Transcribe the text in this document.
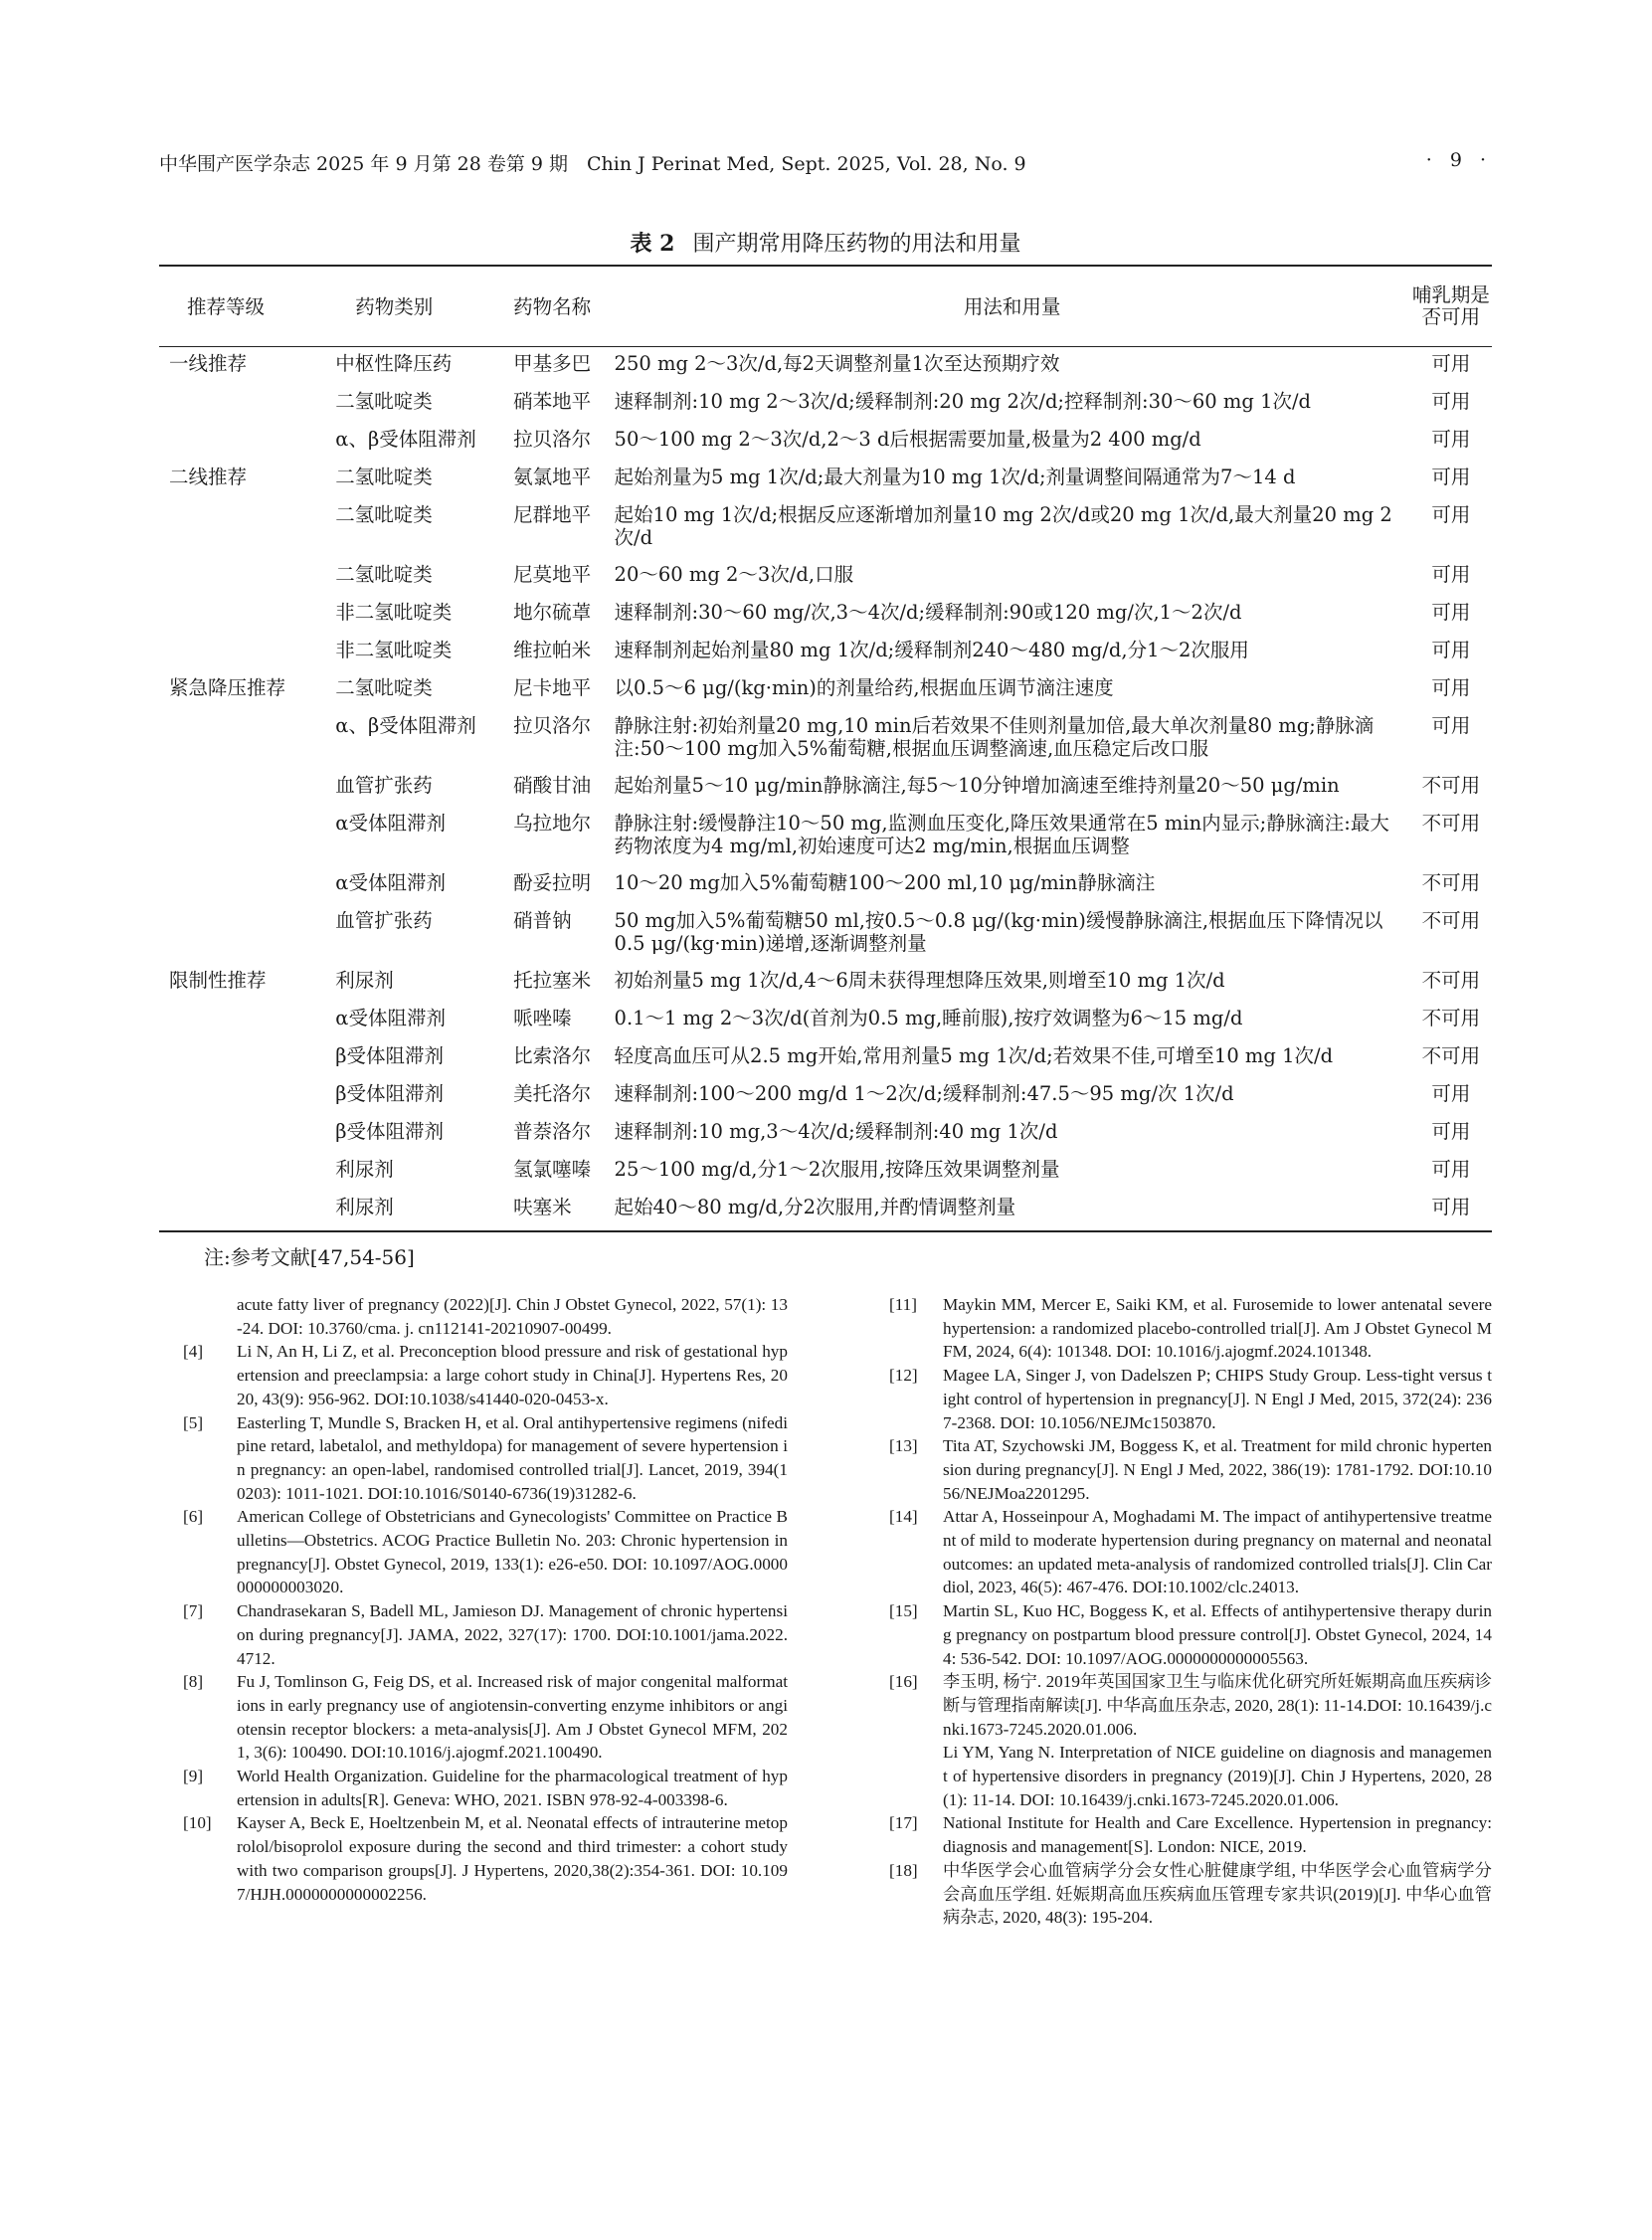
中华围产医学杂志 2025 年 9 月第 28 卷第 9 期　Chin J Perinat Med, Sept. 2025, Vol. 28, No. 9	· 9 ·
表 2 围产期常用降压药物的用法和用量
推荐等级	药物类别	药物名称	用法和用量	哺乳期是否可用
一线推荐	中枢性降压药	甲基多巴	250 mg 2～3次/d,每2天调整剂量1次至达预期疗效	可用
	二氢吡啶类	硝苯地平	速释制剂:10 mg 2～3次/d;缓释制剂:20 mg 2次/d;控释制剂:30～60 mg 1次/d	可用
	α、β受体阻滞剂	拉贝洛尔	50～100 mg 2～3次/d,2～3 d后根据需要加量,极量为2 400 mg/d	可用
二线推荐	二氢吡啶类	氨氯地平	起始剂量为5 mg 1次/d;最大剂量为10 mg 1次/d;剂量调整间隔通常为7～14 d	可用
	二氢吡啶类	尼群地平	起始10 mg 1次/d;根据反应逐渐增加剂量10 mg 2次/d或20 mg 1次/d,最大剂量20 mg 2次/d	可用
	二氢吡啶类	尼莫地平	20～60 mg 2～3次/d,口服	可用
	非二氢吡啶类	地尔硫䓬	速释制剂:30～60 mg/次,3～4次/d;缓释制剂:90或120 mg/次,1～2次/d	可用
	非二氢吡啶类	维拉帕米	速释制剂起始剂量80 mg 1次/d;缓释制剂240～480 mg/d,分1～2次服用	可用
紧急降压推荐	二氢吡啶类	尼卡地平	以0.5～6 μg/(kg·min)的剂量给药,根据血压调节滴注速度	可用
	α、β受体阻滞剂	拉贝洛尔	静脉注射:初始剂量20 mg,10 min后若效果不佳则剂量加倍,最大单次剂量80 mg;静脉滴注:50～100 mg加入5%葡萄糖,根据血压调整滴速,血压稳定后改口服	可用
	血管扩张药	硝酸甘油	起始剂量5～10 μg/min静脉滴注,每5～10分钟增加滴速至维持剂量20～50 μg/min	不可用
	α受体阻滞剂	乌拉地尔	静脉注射:缓慢静注10～50 mg,监测血压变化,降压效果通常在5 min内显示;静脉滴注:最大药物浓度为4 mg/ml,初始速度可达2 mg/min,根据血压调整	不可用
	α受体阻滞剂	酚妥拉明	10～20 mg加入5%葡萄糖100～200 ml,10 μg/min静脉滴注	不可用
	血管扩张药	硝普钠	50 mg加入5%葡萄糖50 ml,按0.5～0.8 μg/(kg·min)缓慢静脉滴注,根据血压下降情况以0.5 μg/(kg·min)递增,逐渐调整剂量	不可用
限制性推荐	利尿剂	托拉塞米	初始剂量5 mg 1次/d,4～6周未获得理想降压效果,则增至10 mg 1次/d	不可用
	α受体阻滞剂	哌唑嗪	0.1～1 mg 2～3次/d(首剂为0.5 mg,睡前服),按疗效调整为6～15 mg/d	不可用
	β受体阻滞剂	比索洛尔	轻度高血压可从2.5 mg开始,常用剂量5 mg 1次/d;若效果不佳,可增至10 mg 1次/d	不可用
	β受体阻滞剂	美托洛尔	速释制剂:100～200 mg/d 1～2次/d;缓释制剂:47.5～95 mg/次 1次/d	可用
	β受体阻滞剂	普萘洛尔	速释制剂:10 mg,3～4次/d;缓释制剂:40 mg 1次/d	可用
	利尿剂	氢氯噻嗪	25～100 mg/d,分1～2次服用,按降压效果调整剂量	可用
	利尿剂	呋塞米	起始40～80 mg/d,分2次服用,并酌情调整剂量	可用
注:参考文献[47,54-56]
acute fatty liver of pregnancy (2022)[J]. Chin J Obstet Gynecol, 2022, 57(1): 13-24. DOI: 10.3760/cma. j. cn112141-20210907-00499.
[4]	Li N, An H, Li Z, et al. Preconception blood pressure and risk of gestational hypertension and preeclampsia: a large cohort study in China[J]. Hypertens Res, 2020, 43(9): 956-962. DOI:10.1038/s41440-020-0453-x.
[5]	Easterling T, Mundle S, Bracken H, et al. Oral antihypertensive regimens (nifedipine retard, labetalol, and methyldopa) for management of severe hypertension in pregnancy: an open-label, randomised controlled trial[J]. Lancet, 2019, 394(10203): 1011-1021. DOI:10.1016/S0140-6736(19)31282-6.
[6]	American College of Obstetricians and Gynecologists' Committee on Practice Bulletins—Obstetrics. ACOG Practice Bulletin No. 203: Chronic hypertension in pregnancy[J]. Obstet Gynecol, 2019, 133(1): e26-e50. DOI: 10.1097/AOG.0000000000003020.
[7]	Chandrasekaran S, Badell ML, Jamieson DJ. Management of chronic hypertension during pregnancy[J]. JAMA, 2022, 327(17): 1700. DOI:10.1001/jama.2022.4712.
[8]	Fu J, Tomlinson G, Feig DS, et al. Increased risk of major congenital malformations in early pregnancy use of angiotensin-converting enzyme inhibitors or angiotensin receptor blockers: a meta-analysis[J]. Am J Obstet Gynecol MFM, 2021, 3(6): 100490. DOI:10.1016/j.ajogmf.2021.100490.
[9]	World Health Organization. Guideline for the pharmacological treatment of hypertension in adults[R]. Geneva: WHO, 2021. ISBN 978-92-4-003398-6.
[10]	Kayser A, Beck E, Hoeltzenbein M, et al. Neonatal effects of intrauterine metoprolol/bisoprolol exposure during the second and third trimester: a cohort study with two comparison groups[J]. J Hypertens, 2020,38(2):354-361. DOI: 10.1097/HJH.0000000000002256.
[11]	Maykin MM, Mercer E, Saiki KM, et al. Furosemide to lower antenatal severe hypertension: a randomized placebo-controlled trial[J]. Am J Obstet Gynecol MFM, 2024, 6(4): 101348. DOI: 10.1016/j.ajogmf.2024.101348.
[12]	Magee LA, Singer J, von Dadelszen P; CHIPS Study Group. Less-tight versus tight control of hypertension in pregnancy[J]. N Engl J Med, 2015, 372(24): 2367-2368. DOI: 10.1056/NEJMc1503870.
[13]	Tita AT, Szychowski JM, Boggess K, et al. Treatment for mild chronic hypertension during pregnancy[J]. N Engl J Med, 2022, 386(19): 1781-1792. DOI:10.1056/NEJMoa2201295.
[14]	Attar A, Hosseinpour A, Moghadami M. The impact of antihypertensive treatment of mild to moderate hypertension during pregnancy on maternal and neonatal outcomes: an updated meta-analysis of randomized controlled trials[J]. Clin Cardiol, 2023, 46(5): 467-476. DOI:10.1002/clc.24013.
[15]	Martin SL, Kuo HC, Boggess K, et al. Effects of antihypertensive therapy during pregnancy on postpartum blood pressure control[J]. Obstet Gynecol, 2024, 144: 536-542. DOI: 10.1097/AOG.0000000000005563.
[16]	李玉明, 杨宁. 2019年英国国家卫生与临床优化研究所妊娠期高血压疾病诊断与管理指南解读[J]. 中华高血压杂志, 2020, 28(1): 11-14.DOI: 10.16439/j.cnki.1673-7245.2020.01.006.
Li YM, Yang N. Interpretation of NICE guideline on diagnosis and management of hypertensive disorders in pregnancy (2019)[J]. Chin J Hypertens, 2020, 28(1): 11-14. DOI: 10.16439/j.cnki.1673-7245.2020.01.006.
[17]	National Institute for Health and Care Excellence. Hypertension in pregnancy: diagnosis and management[S]. London: NICE, 2019.
[18]	中华医学会心血管病学分会女性心脏健康学组, 中华医学会心血管病学分会高血压学组. 妊娠期高血压疾病血压管理专家共识(2019)[J]. 中华心血管病杂志, 2020, 48(3): 195-204.
